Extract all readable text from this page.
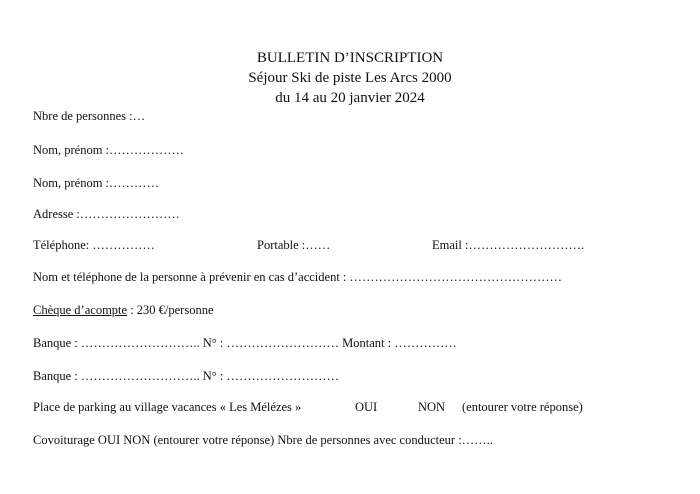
BULLETIN D’INSCRIPTION
Séjour Ski de piste Les Arcs 2000
du 14 au 20 janvier 2024
Nbre de personnes :…
Nom, prénom :………………
Nom, prénom :…………
Adresse :……………………
Téléphone: ……………	Portable :……	Email :……………………….
Nom et téléphone de la personne à prévenir en cas d’accident : ……………………………………………
Chèque d’acompte : 230 €/personne
Banque : ……………………….. N° : ……………………… Montant : ……………
Banque : ……………………….. N° : ………………………
Place de parking au village vacances « Les Mélézes »	OUI	NON (entourer votre réponse)
Covoiturage OUI NON (entourer votre réponse) Nbre de personnes avec conducteur :……..
